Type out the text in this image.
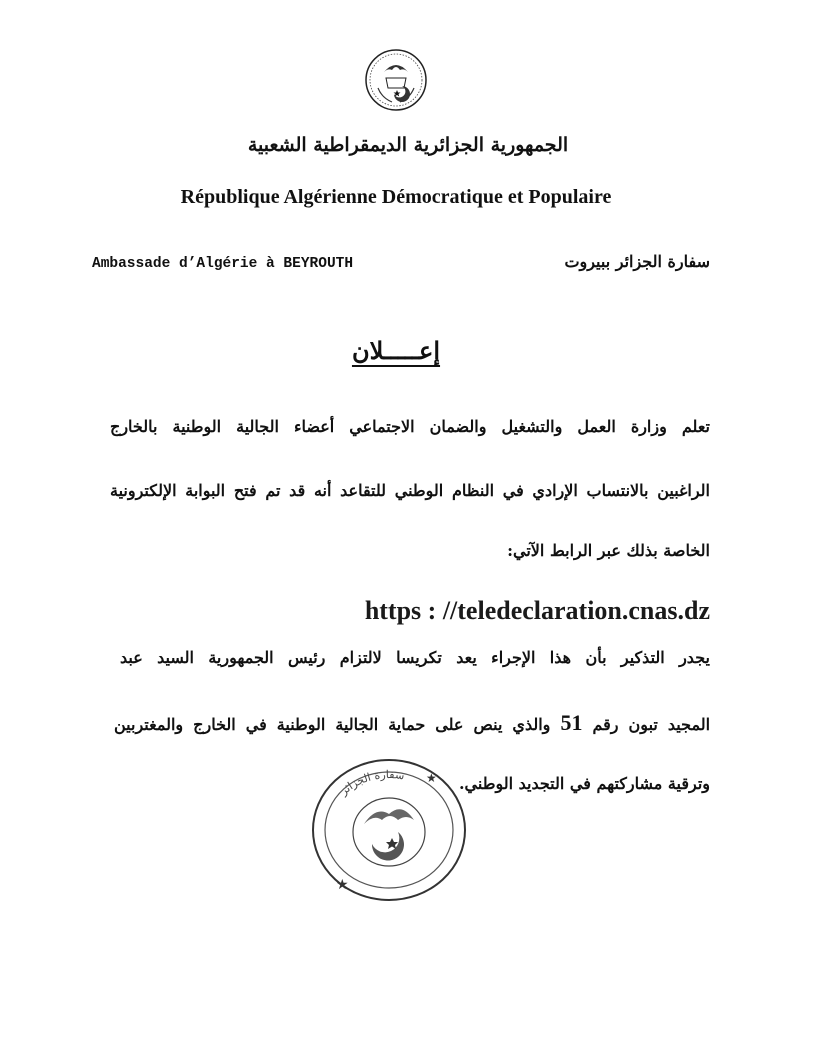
الجمهورية الجزائرية الديمقراطية الشعبية
République Algérienne Démocratique et Populaire
Ambassade d’Algérie à BEYROUTH	سفارة الجزائر ببيروت
إعـــــلان
تعلم وزارة العمل والتشغيل والضمان الاجتماعي أعضاء الجالية الوطنية بالخارج
الراغبين بالانتساب الإرادي في النظام الوطني للتقاعد أنه قد تم فتح البوابة الإلكترونية
الخاصة بذلك عبر الرابط الآتي:
https : //teledeclaration.cnas.dz
يجدر التذكير بأن هذا الإجراء يعد تكريسا لالتزام رئيس الجمهورية السيد عبد
المجيد تبون رقم 51 والذي ينص على حماية الجالية الوطنية في الخارج والمغتربين
وترقية مشاركتهم في التجديد الوطني.
★
★
سفارة الجزائر
